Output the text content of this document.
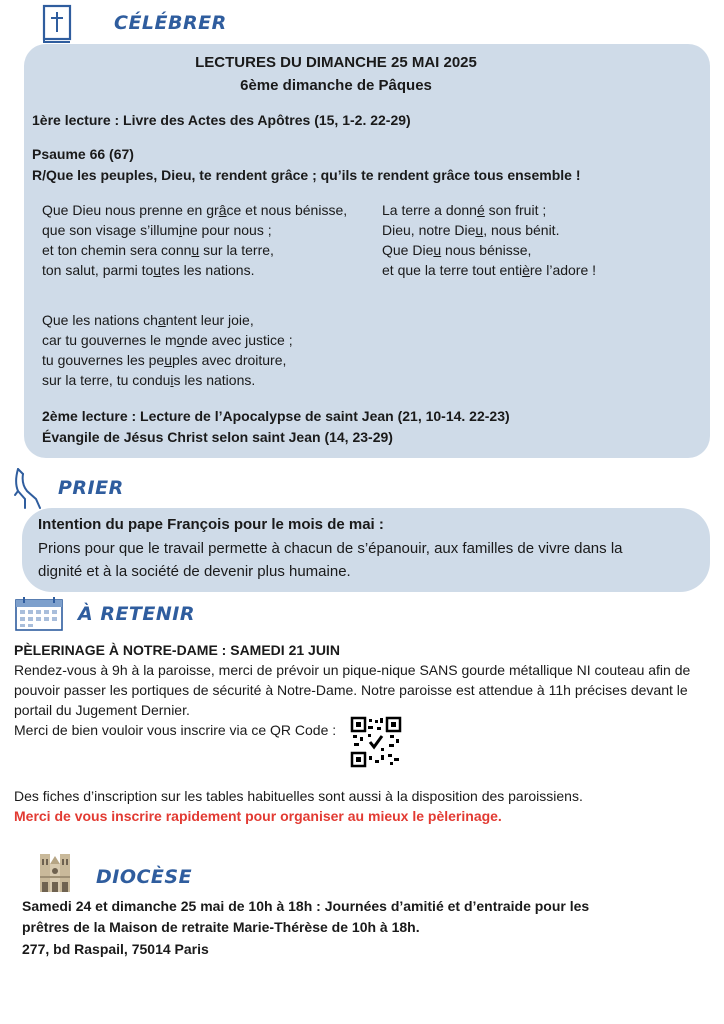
CÉLÉBRER
LECTURES DU DIMANCHE 25 MAI 2025
6ème dimanche de Pâques
1ère lecture : Livre des Actes des Apôtres (15, 1-2. 22-29)
Psaume 66 (67)
R/Que les peuples, Dieu, te rendent grâce ; qu’ils te rendent grâce tous ensemble !
Que Dieu nous prenne en grâce et nous bénisse,
que son visage s’illumine pour nous ;
et ton chemin sera connu sur la terre,
ton salut, parmi toutes les nations.
Que les nations chantent leur joie,
car tu gouvernes le monde avec justice ;
tu gouvernes les peuples avec droiture,
sur la terre, tu conduis les nations.
La terre a donné son fruit ;
Dieu, notre Dieu, nous bénit.
Que Dieu nous bénisse,
et que la terre tout entière l’adore !
2ème lecture : Lecture de l’Apocalypse de saint Jean (21, 10-14. 22-23)
Évangile de Jésus Christ selon saint Jean (14, 23-29)
PRIER
Intention du pape François pour le mois de mai :
Prions pour que le travail permette à chacun de s’épanouir, aux familles de vivre dans la
dignité et à la société de devenir plus humaine.
À RETENIR
PÈLERINAGE À NOTRE-DAME : SAMEDI 21 JUIN
Rendez-vous à 9h à la paroisse, merci de prévoir un pique-nique SANS gourde métallique NI couteau afin de
pouvoir passer les portiques de sécurité à Notre-Dame. Notre paroisse est attendue à 11h précises devant le
portail du Jugement Dernier.
Merci de bien vouloir vous inscrire via ce QR Code :
Des fiches d’inscription sur les tables habituelles sont aussi à la disposition des paroissiens.
Merci de vous inscrire rapidement pour organiser au mieux le pèlerinage.
DIOCÈSE
Samedi 24 et dimanche 25 mai de 10h à 18h : Journées d’amitié et d’entraide pour les
prêtres de la Maison de retraite Marie-Thérèse de 10h à 18h.
277, bd Raspail, 75014 Paris
